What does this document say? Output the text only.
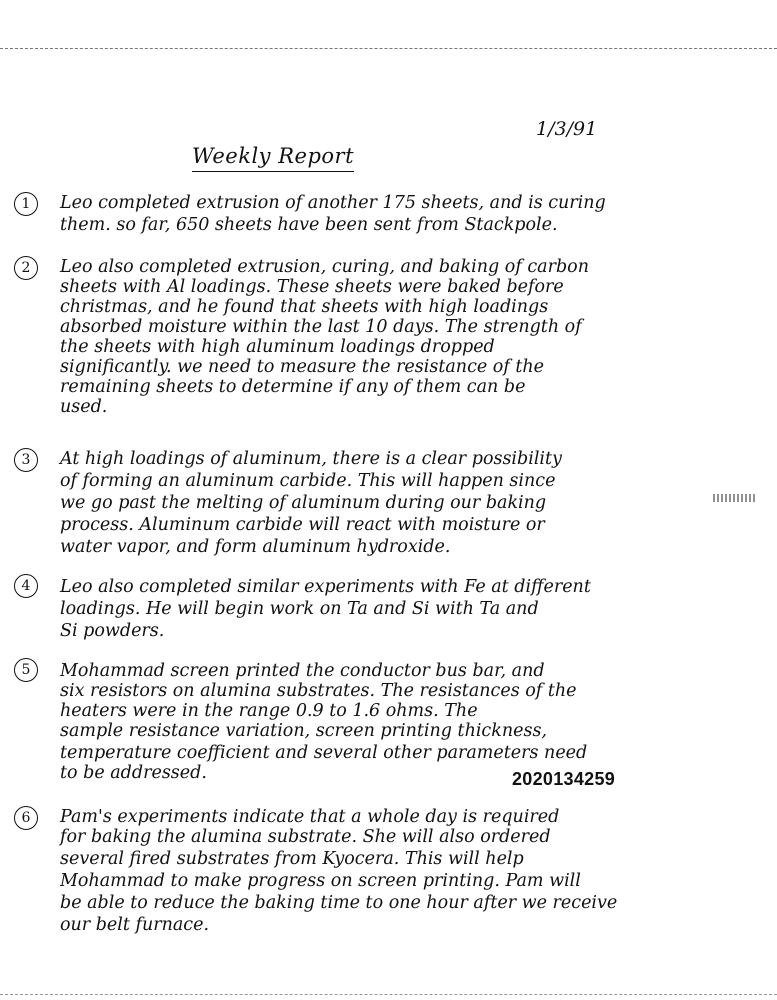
1/3/91
Weekly Report
1	Leo completed extrusion of another 175 sheets, and is curing
them. so far, 650 sheets have been sent from Stackpole.
2	Leo also completed extrusion, curing, and baking of carbon
sheets with Al loadings. These sheets were baked before
christmas, and he found that sheets with high loadings
absorbed moisture within the last 10 days. The strength of
the sheets with high aluminum loadings dropped
significantly. we need to measure the resistance of the
remaining sheets to determine if any of them can be
used.
3	At high loadings of aluminum, there is a clear possibility
of forming an aluminum carbide. This will happen since
we go past the melting of aluminum during our baking
process. Aluminum carbide will react with moisture or
water vapor, and form aluminum hydroxide.
4	Leo also completed similar experiments with Fe at different
loadings. He will begin work on Ta and Si with Ta and
Si powders.
5	Mohammad screen printed the conductor bus bar, and
six resistors on alumina substrates. The resistances of the
heaters were in the range 0.9 to 1.6 ohms. The
sample resistance variation, screen printing thickness,
temperature coefficient and several other parameters need
to be addressed.	2020134259
6	Pam's experiments indicate that a whole day is required
for baking the alumina substrate. She will also ordered
several fired substrates from Kyocera. This will help
Mohammad to make progress on screen printing. Pam will
be able to reduce the baking time to one hour after we receive
our belt furnace.
